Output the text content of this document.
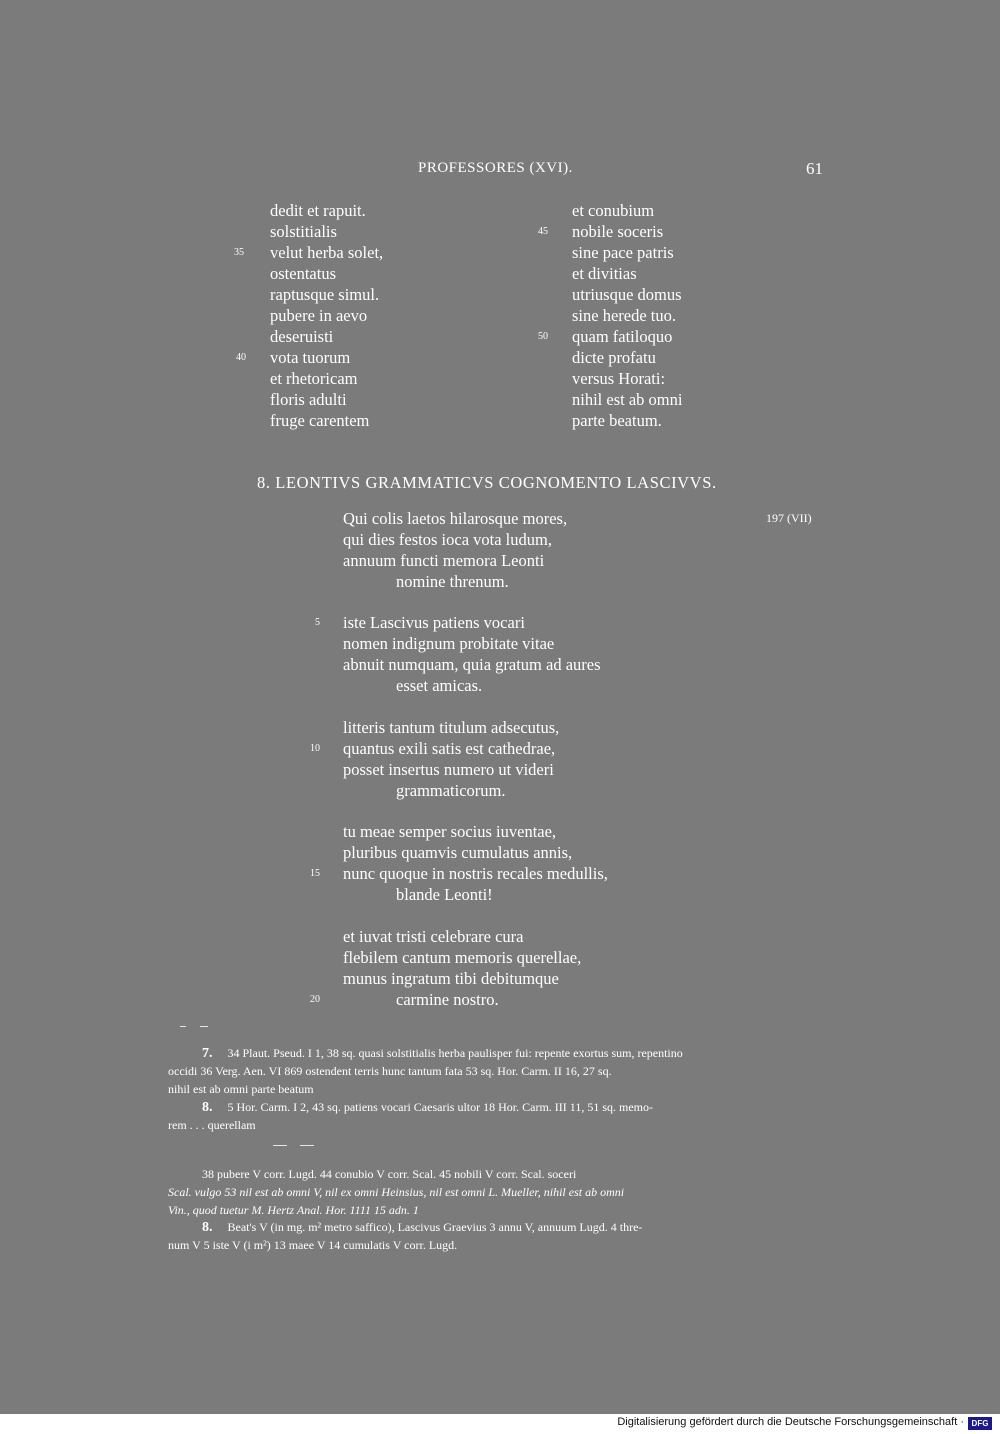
PROFESSORES (XVI).	61
dedit et rapuit.
solstitialis
velut herba solet,
ostentatus
raptusque simul.
pubere in aevo
deseruisti
vota tuorum
et rhetoricam
floris adulti
fruge carentem
35
40
et conubium
nobile soceris
sine pace patris
et divitias
utriusque domus
sine herede tuo.
quam fatiloquo
dicte profatu
versus Horati:
nihil est ab omni
parte beatum.
45
50
8. LEONTIVS GRAMMATICVS COGNOMENTO LASCIVVS.
197 (VII)
Qui colis laetos hilarosque mores,
qui dies festos ioca vota ludum,
annuum functi memora Leonti
nomine threnum.
iste Lascivus patiens vocari
nomen indignum probitate vitae
abnuit numquam, quia gratum ad aures
esset amicas.
litteris tantum titulum adsecutus,
quantus exili satis est cathedrae,
posset insertus numero ut videri
grammaticorum.
tu meae semper socius iuventae,
pluribus quamvis cumulatus annis,
nunc quoque in nostris recales medullis,
blande Leonti!
et iuvat tristi celebrare cura
flebilem cantum memoris querellae,
munus ingratum tibi debitumque
carmine nostro.
5
10
15
20
7. 34 Plaut. Pseud. I 1, 38 sq. quasi solstitialis herba paulisper fui: repente exortus sum, repentino
occidi 36 Verg. Aen. VI 869 ostendent terris hunc tantum fata 53 sq. Hor. Carm. II 16, 27 sq.
nihil est ab omni parte beatum
8. 5 Hor. Carm. I 2, 43 sq. patiens vocari Caesaris ultor 18 Hor. Carm. III 11, 51 sq. memo-
rem . . . querellam
38 pubere V corr. Lugd. 44 conubio V corr. Scal. 45 nobili V corr. Scal. soceri
Scal. vulgo 53 nil est ab omni V, nil ex omni Heinsius, nil est omni L. Mueller, nihil est ab omni
Vin., quod tuetur M. Hertz Anal. Hor. 1111 15 adn. 1
8. Beat's V (in mg. m² metro saffico), Lascivus Graevius 3 annu V, annuum Lugd. 4 thre-
num V 5 iste V (i m²) 13 maee V 14 cumulatis V corr. Lugd.
Digitalisierung gefördert durch die Deutsche Forschungsgemeinschaft · DFG
